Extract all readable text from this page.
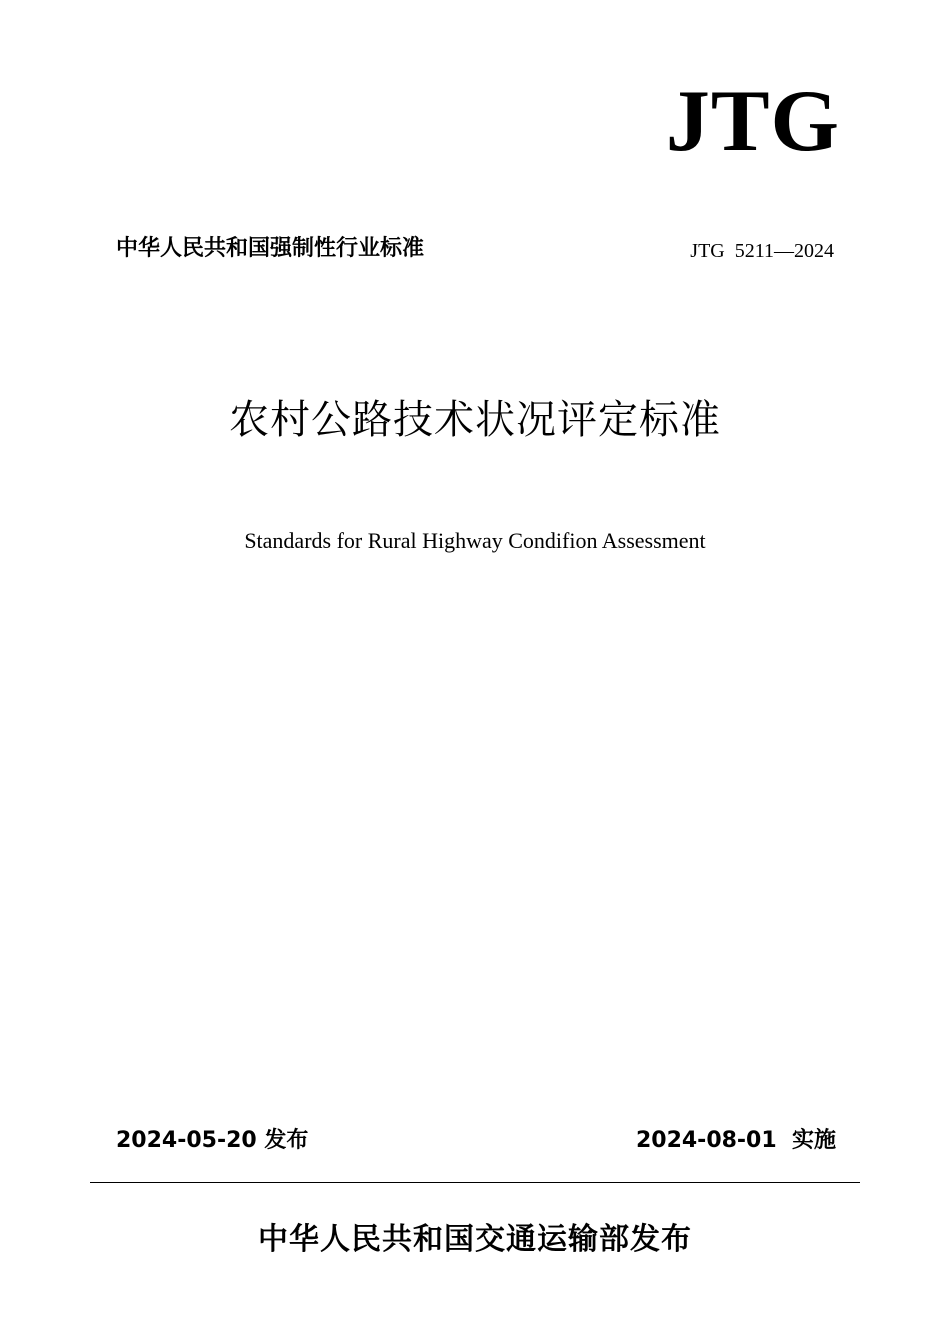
JTG
中华人民共和国强制性行业标准	JTG  5211—2024
农村公路技术状况评定标准
Standards for Rural Highway Condifion Assessment
2024-05-20 发布	2024-08-01  实施
中华人民共和国交通运输部发布
